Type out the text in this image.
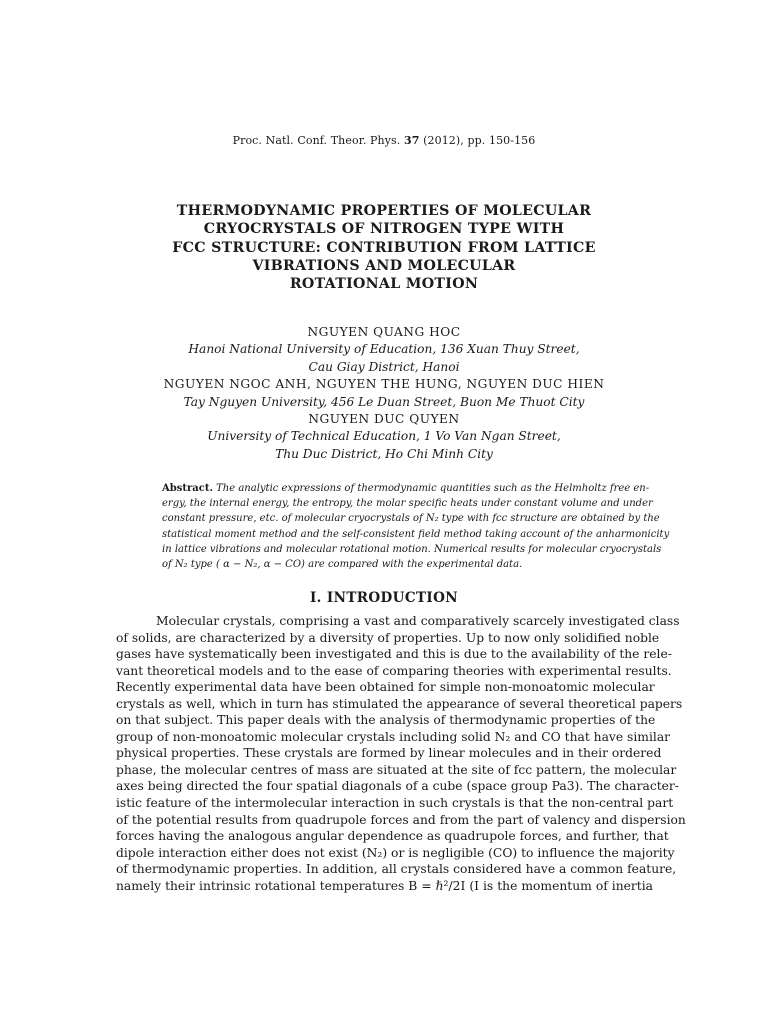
Proc. Natl. Conf. Theor. Phys. 37 (2012), pp. 150-156
THERMODYNAMIC PROPERTIES OF MOLECULAR
CRYOCRYSTALS OF NITROGEN TYPE WITH
FCC STRUCTURE: CONTRIBUTION FROM LATTICE
VIBRATIONS AND MOLECULAR
ROTATIONAL MOTION
NGUYEN QUANG HOC
Hanoi National University of Education, 136 Xuan Thuy Street,
Cau Giay District, Hanoi
NGUYEN NGOC ANH, NGUYEN THE HUNG, NGUYEN DUC HIEN
Tay Nguyen University, 456 Le Duan Street, Buon Me Thuot City
NGUYEN DUC QUYEN
University of Technical Education, 1 Vo Van Ngan Street,
Thu Duc District, Ho Chi Minh City
Abstract. The analytic expressions of thermodynamic quantities such as the Helmholtz free en-
ergy, the internal energy, the entropy, the molar specific heats under constant volume and under
constant pressure, etc. of molecular cryocrystals of N₂ type with fcc structure are obtained by the
statistical moment method and the self-consistent field method taking account of the anharmonicity
in lattice vibrations and molecular rotational motion. Numerical results for molecular cryocrystals
of N₂ type ( α − N₂, α − CO) are compared with the experimental data.
I. INTRODUCTION
Molecular crystals, comprising a vast and comparatively scarcely investigated class
of solids, are characterized by a diversity of properties. Up to now only solidified noble
gases have systematically been investigated and this is due to the availability of the rele-
vant theoretical models and to the ease of comparing theories with experimental results.
Recently experimental data have been obtained for simple non-monoatomic molecular
crystals as well, which in turn has stimulated the appearance of several theoretical papers
on that subject. This paper deals with the analysis of thermodynamic properties of the
group of non-monoatomic molecular crystals including solid N₂ and CO that have similar
physical properties. These crystals are formed by linear molecules and in their ordered
phase, the molecular centres of mass are situated at the site of fcc pattern, the molecular
axes being directed the four spatial diagonals of a cube (space group Pa3). The character-
istic feature of the intermolecular interaction in such crystals is that the non-central part
of the potential results from quadrupole forces and from the part of valency and dispersion
forces having the analogous angular dependence as quadrupole forces, and further, that
dipole interaction either does not exist (N₂) or is negligible (CO) to influence the majority
of thermodynamic properties. In addition, all crystals considered have a common feature,
namely their intrinsic rotational temperatures B = ℏ²/2I (I is the momentum of inertia
